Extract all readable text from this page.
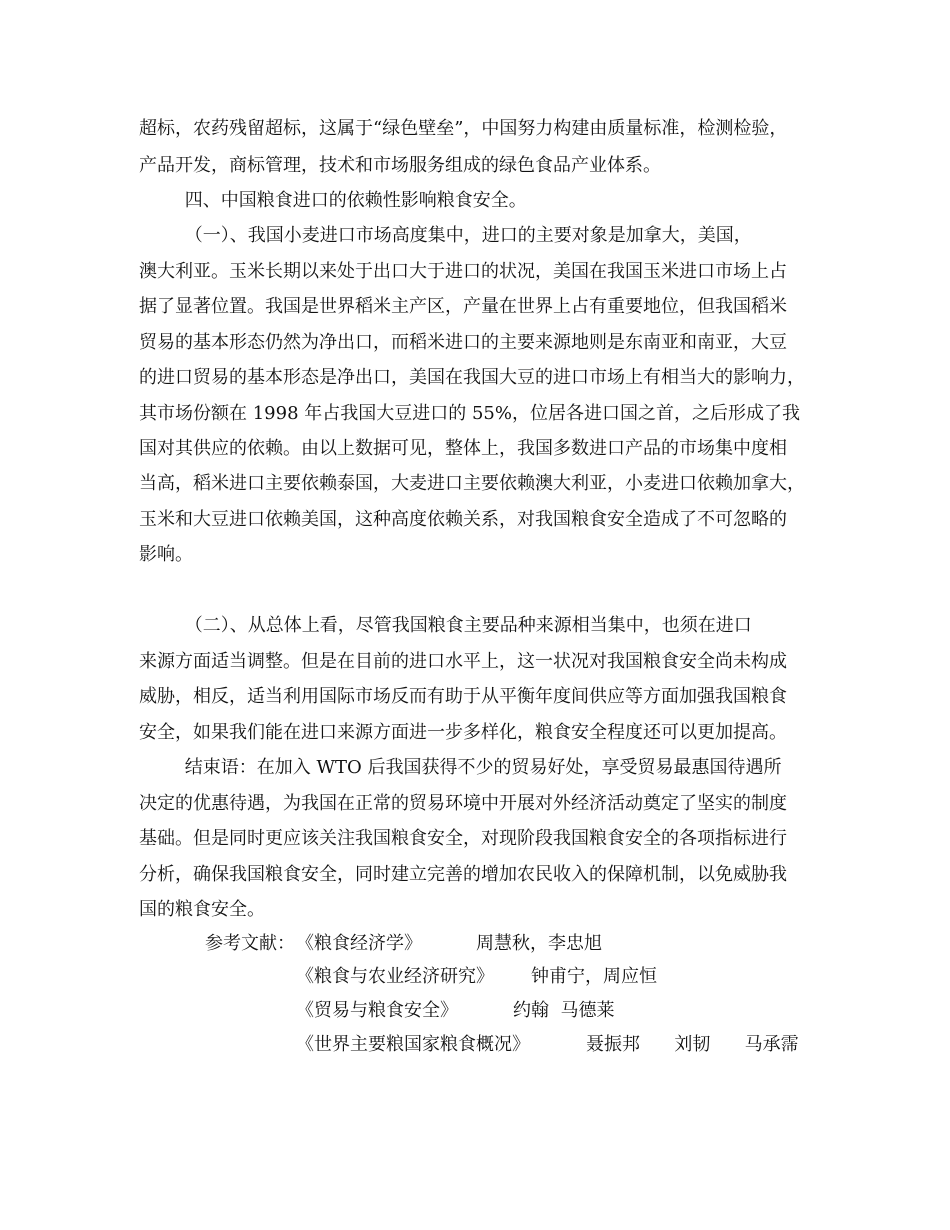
超标，农药残留超标，这属于“绿色壁垒”，中国努力构建由质量标准，检测检验，
产品开发，商标管理，技术和市场服务组成的绿色食品产业体系。
四、中国粮食进口的依赖性影响粮食安全。
（一）、我国小麦进口市场高度集中，进口的主要对象是加拿大，美国，
澳大利亚。玉米长期以来处于出口大于进口的状况，美国在我国玉米进口市场上占
据了显著位置。我国是世界稻米主产区，产量在世界上占有重要地位，但我国稻米
贸易的基本形态仍然为净出口，而稻米进口的主要来源地则是东南亚和南亚，大豆
的进口贸易的基本形态是净出口，美国在我国大豆的进口市场上有相当大的影响力，
其市场份额在 1998 年占我国大豆进口的 55%，位居各进口国之首，之后形成了我
国对其供应的依赖。由以上数据可见，整体上，我国多数进口产品的市场集中度相
当高，稻米进口主要依赖泰国，大麦进口主要依赖澳大利亚，小麦进口依赖加拿大，
玉米和大豆进口依赖美国，这种高度依赖关系，对我国粮食安全造成了不可忽略的
影响。
（二）、从总体上看，尽管我国粮食主要品种来源相当集中，也须在进口
来源方面适当调整。但是在目前的进口水平上，这一状况对我国粮食安全尚未构成
威胁，相反，适当利用国际市场反而有助于从平衡年度间供应等方面加强我国粮食
安全，如果我们能在进口来源方面进一步多样化，粮食安全程度还可以更加提高。
结束语：在加入 WTO 后我国获得不少的贸易好处，享受贸易最惠国待遇所
决定的优惠待遇，为我国在正常的贸易环境中开展对外经济活动奠定了坚实的制度
基础。但是同时更应该关注我国粮食安全，对现阶段我国粮食安全的各项指标进行
分析，确保我国粮食安全，同时建立完善的增加农民收入的保障机制，以免威胁我
国的粮食安全。
参考文献： 《粮食经济学》	周慧秋，李忠旭
《粮食与农业经济研究》 钟甫宁，周应恒
《贸易与粮食安全》	约翰  马德莱
《世界主要粮国家粮食概况》	聂振邦      刘韧      马承霈
